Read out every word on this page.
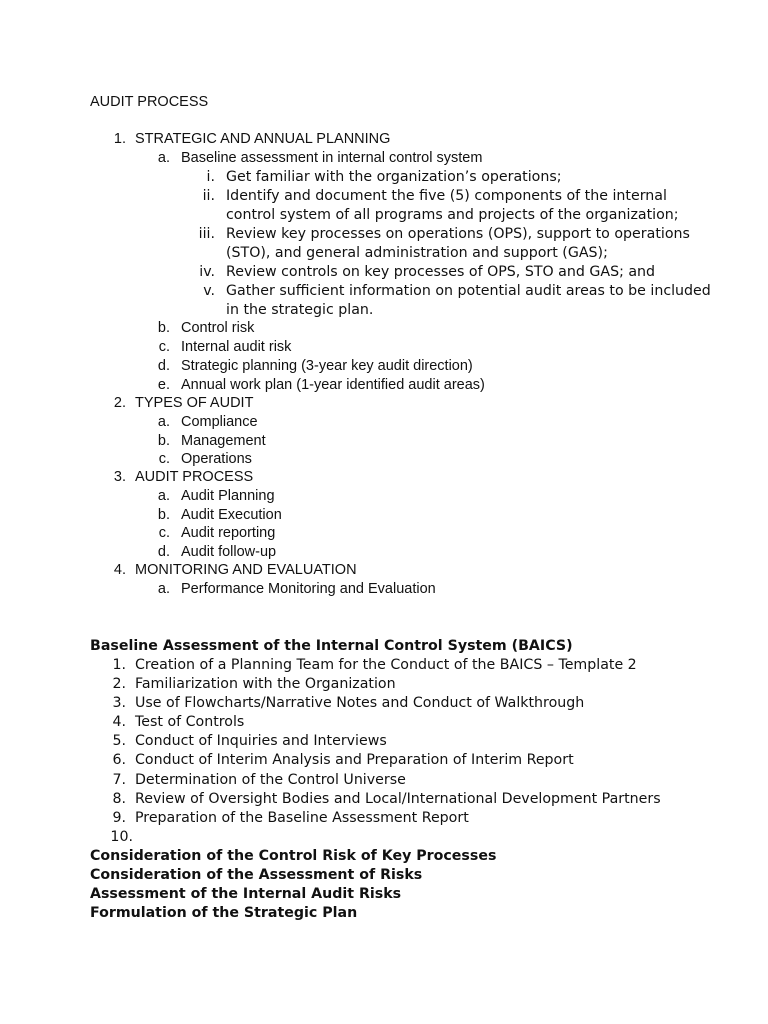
AUDIT PROCESS
1. STRATEGIC AND ANNUAL PLANNING
a. Baseline assessment in internal control system
i. Get familiar with the organization’s operations;
ii. Identify and document the five (5) components of the internal
control system of all programs and projects of the organization;
iii. Review key processes on operations (OPS), support to operations
(STO), and general administration and support (GAS);
iv. Review controls on key processes of OPS, STO and GAS; and
v. Gather sufficient information on potential audit areas to be included
in the strategic plan.
b. Control risk
c. Internal audit risk
d. Strategic planning (3-year key audit direction)
e. Annual work plan (1-year identified audit areas)
2. TYPES OF AUDIT
a. Compliance
b. Management
c. Operations
3. AUDIT PROCESS
a. Audit Planning
b. Audit Execution
c. Audit reporting
d. Audit follow-up
4. MONITORING AND EVALUATION
a. Performance Monitoring and Evaluation
Baseline Assessment of the Internal Control System (BAICS)
1. Creation of a Planning Team for the Conduct of the BAICS – Template 2
2. Familiarization with the Organization
3. Use of Flowcharts/Narrative Notes and Conduct of Walkthrough
4. Test of Controls
5. Conduct of Inquiries and Interviews
6. Conduct of Interim Analysis and Preparation of Interim Report
7. Determination of the Control Universe
8. Review of Oversight Bodies and Local/International Development Partners
9. Preparation of the Baseline Assessment Report
10.
Consideration of the Control Risk of Key Processes
Consideration of the Assessment of Risks
Assessment of the Internal Audit Risks
Formulation of the Strategic Plan
